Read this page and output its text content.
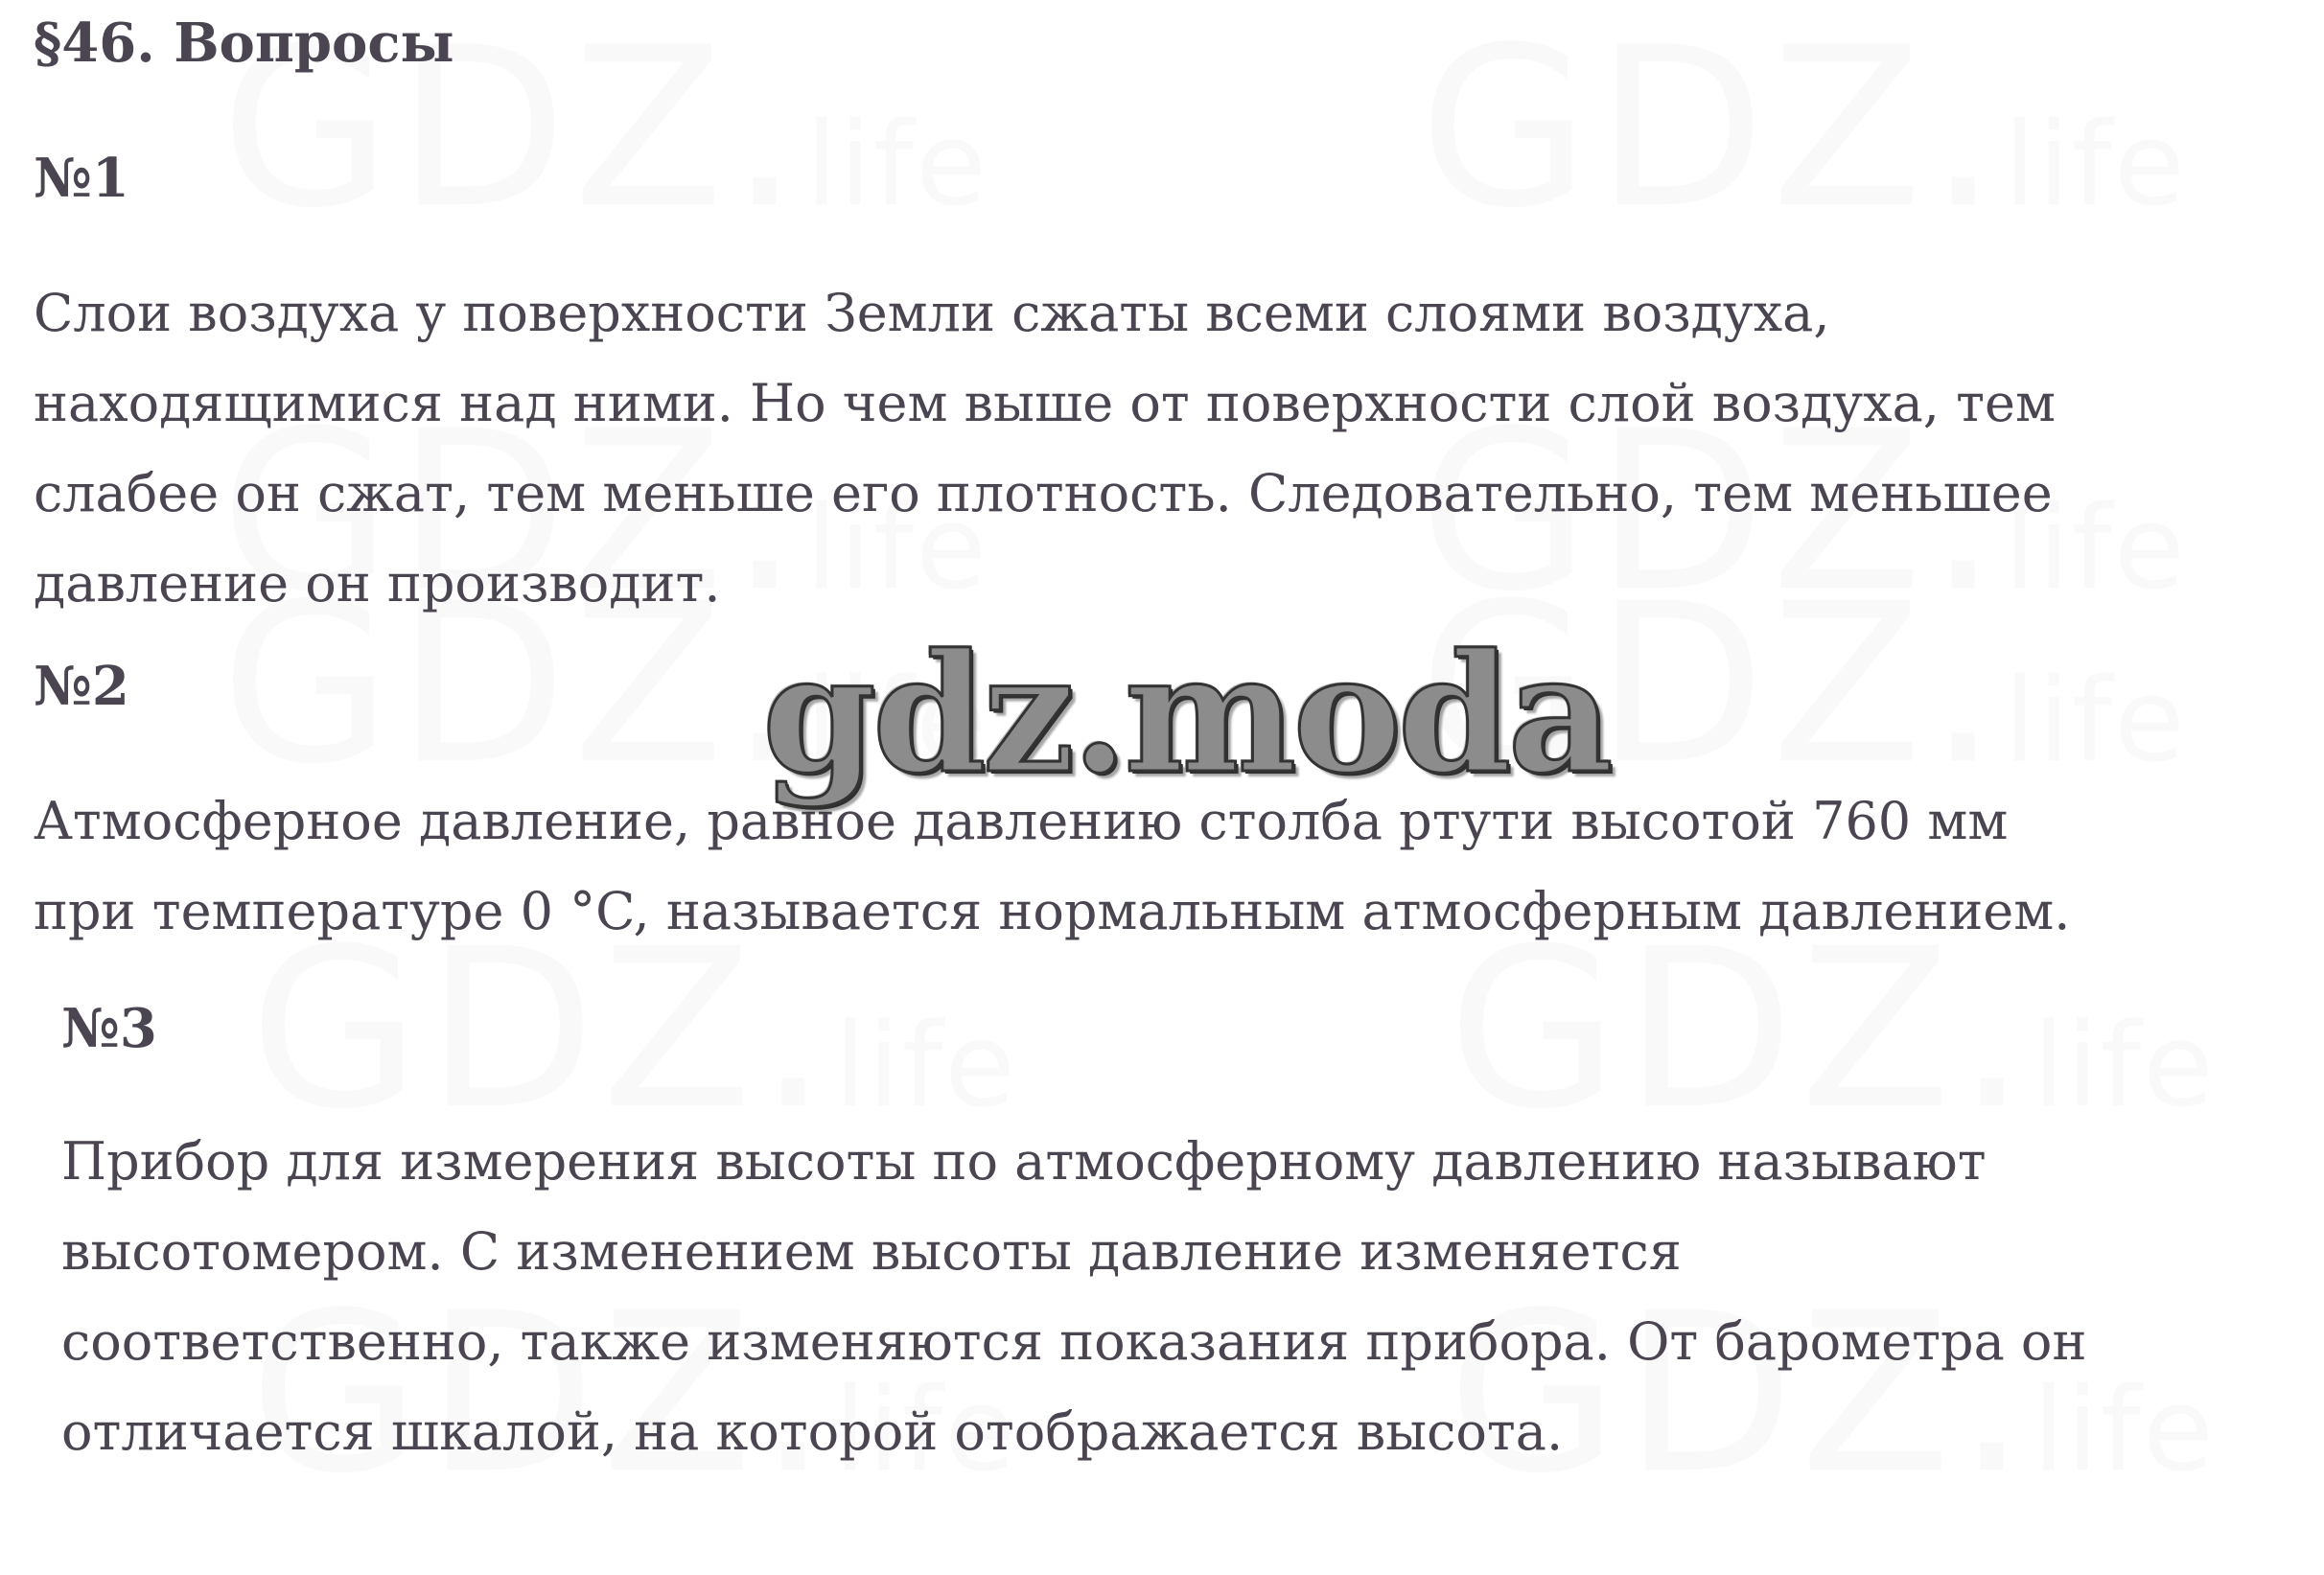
§46. Вопросы
№1
Слои воздуха у поверхности Земли сжаты всеми слоями воздуха,
находящимися над ними. Но чем выше от поверхности слой воздуха, тем
слабее он сжат, тем меньше его плотность. Следовательно, тем меньшее
давление он производит.
№2
Атмосферное давление, равное давлению столба ртути высотой 760 мм
при температуре 0 °C, называется нормальным атмосферным давлением.
№3
Прибор для измерения высоты по атмосферному давлению называют
высотомером. С изменением высоты давление изменяется
соответственно, также изменяются показания прибора. От барометра он
отличается шкалой, на которой отображается высота.
gdz.moda
